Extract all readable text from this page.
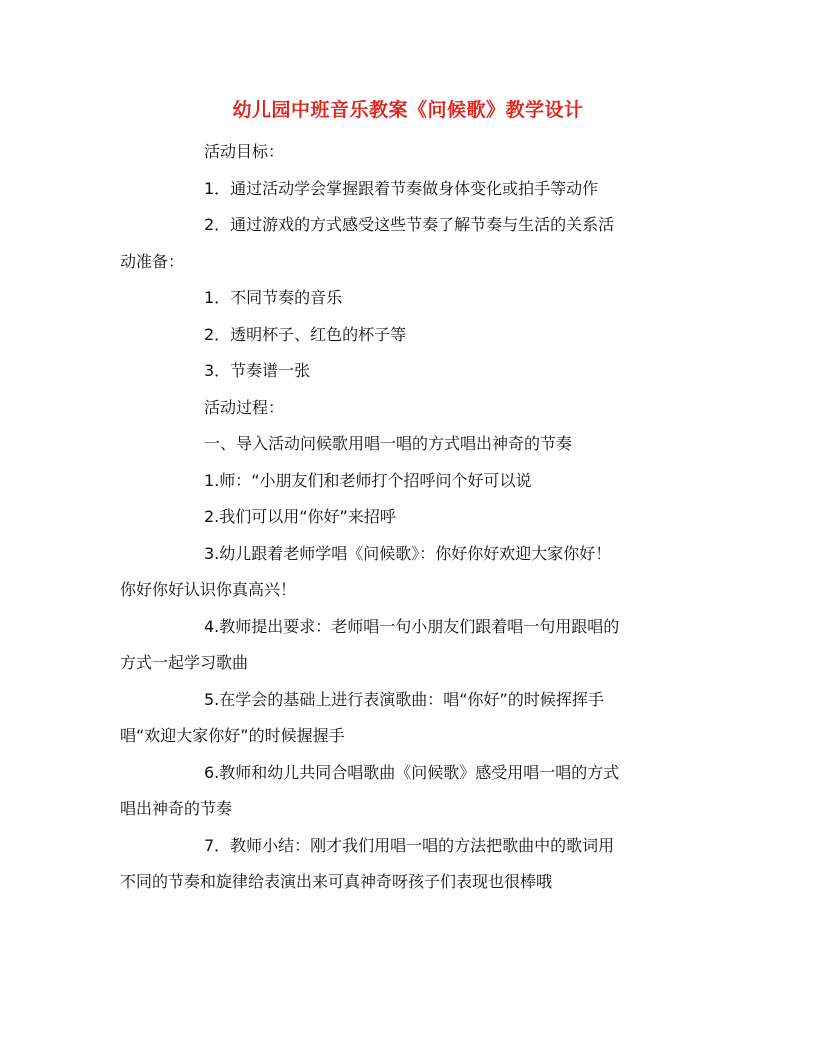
幼儿园中班音乐教案《问候歌》教学设计
活动目标：
1．通过活动学会掌握跟着节奏做身体变化或拍手等动作
2．通过游戏的方式感受这些节奏了解节奏与生活的关系活
动准备：
1．不同节奏的音乐
2．透明杯子、红色的杯子等
3．节奏谱一张
活动过程：
一、导入活动问候歌用唱一唱的方式唱出神奇的节奏
1.师：“小朋友们和老师打个招呼问个好可以说
2.我们可以用“你好”来招呼
3.幼儿跟着老师学唱《问候歌》：你好你好欢迎大家你好！
你好你好认识你真高兴！
4.教师提出要求：老师唱一句小朋友们跟着唱一句用跟唱的
方式一起学习歌曲
5.在学会的基础上进行表演歌曲：唱“你好”的时候挥挥手
唱“欢迎大家你好”的时候握握手
6.教师和幼儿共同合唱歌曲《问候歌》感受用唱一唱的方式
唱出神奇的节奏
7．教师小结：刚才我们用唱一唱的方法把歌曲中的歌词用
不同的节奏和旋律给表演出来可真神奇呀孩子们表现也很棒哦
